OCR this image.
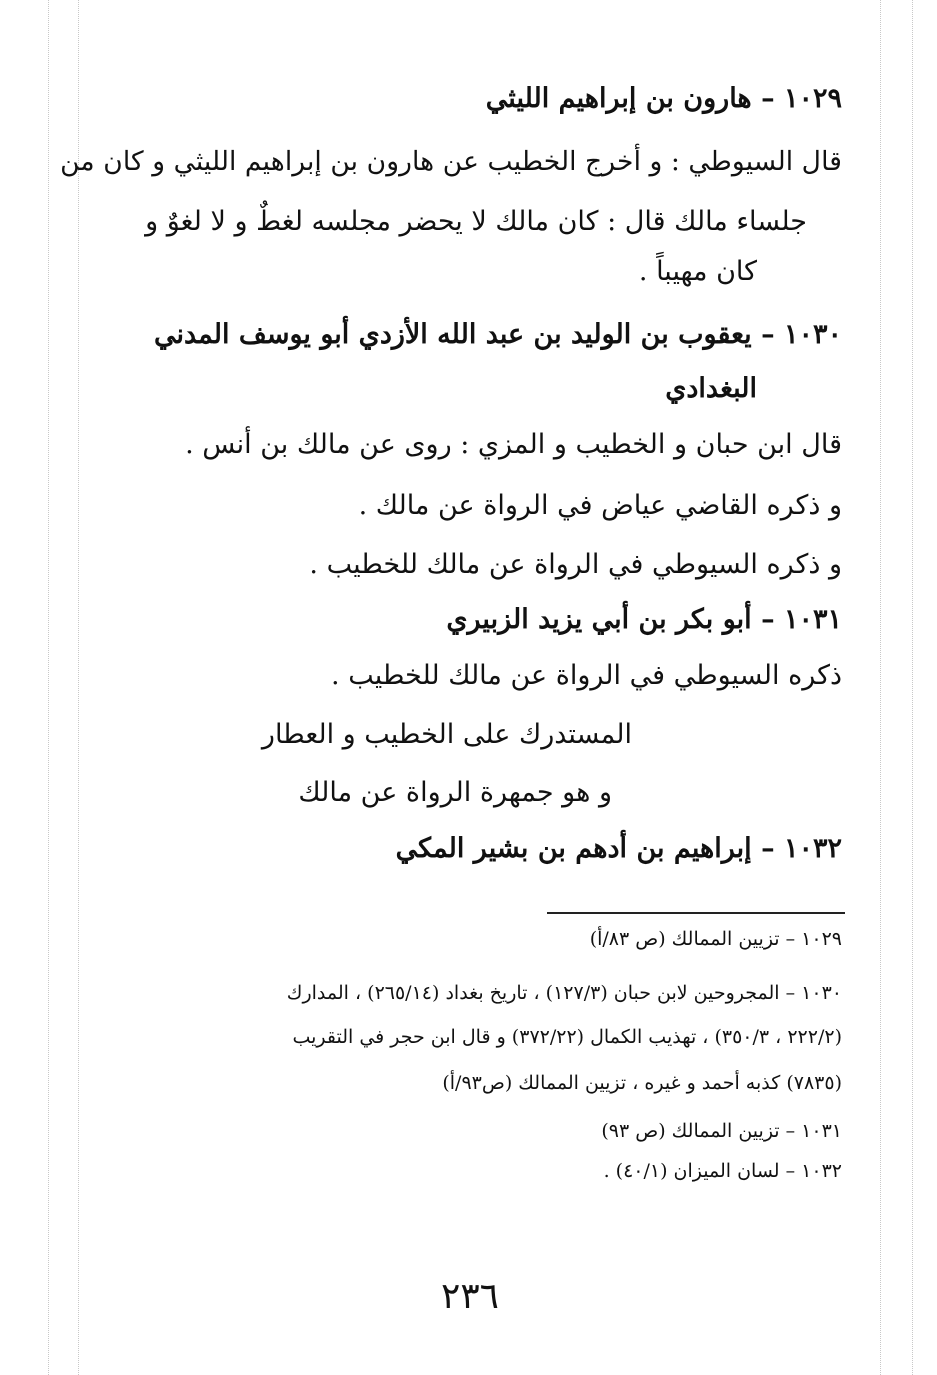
١٠٢٩ – هارون بن إبراهيم الليثي
قال السيوطي : و أخرج الخطيب عن هارون بن إبراهيم الليثي و كان من
جلساء مالك قال : كان مالك لا يحضر مجلسه لغطٌ و لا لغوٌ و
كان مهيباً .
١٠٣٠ – يعقوب بن الوليد بن عبد الله الأزدي أبو يوسف المدني
البغدادي
قال ابن حبان و الخطيب و المزي : روى عن مالك بن أنس .
و ذكره القاضي عياض في الرواة عن مالك .
و ذكره السيوطي في الرواة عن مالك للخطيب .
١٠٣١ – أبو بكر بن أبي يزيد الزبيري
ذكره السيوطي في الرواة عن مالك للخطيب .
المستدرك على الخطيب و العطار
و هو جمهرة الرواة عن مالك
١٠٣٢ – إبراهيم بن أدهم بن بشير المكي
١٠٢٩ – تزيين الممالك (ص ٨٣/أ)
١٠٣٠ – المجروحين لابن حبان (١٢٧/٣) ، تاريخ بغداد (٢٦٥/١٤) ، المدارك
(٢٢٢/٢ ، ٣٥٠/٣) ، تهذيب الكمال (٣٧٢/٢٢) و قال ابن حجر في التقريب
(٧٨٣٥) كذبه أحمد و غيره ، تزيين الممالك (ص٩٣/أ)
١٠٣١ – تزيين الممالك (ص ٩٣)
١٠٣٢ – لسان الميزان (٤٠/١) .
٢٣٦
